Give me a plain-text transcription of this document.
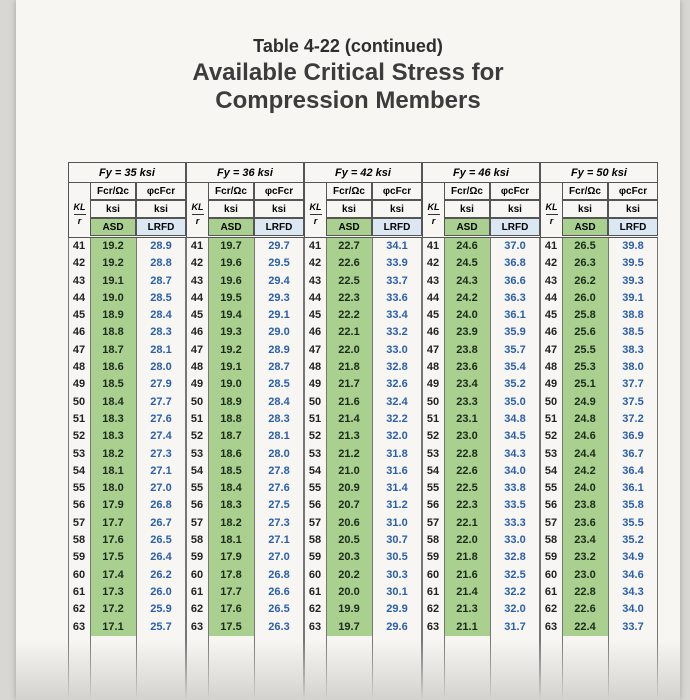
Table 4-22 (continued)
Available Critical Stress for
Compression Members
Fy = 35 ksi
KL
r
Fcr/Ωc	φcFcr
ksi	ksi
ASD	LRFD
41	19.2	28.9
42	19.2	28.8
43	19.1	28.7
44	19.0	28.5
45	18.9	28.4
46	18.8	28.3
47	18.7	28.1
48	18.6	28.0
49	18.5	27.9
50	18.4	27.7
51	18.3	27.6
52	18.3	27.4
53	18.2	27.3
54	18.1	27.1
55	18.0	27.0
56	17.9	26.8
57	17.7	26.7
58	17.6	26.5
59	17.5	26.4
60	17.4	26.2
61	17.3	26.0
62	17.2	25.9
63	17.1	25.7
Fy = 36 ksi
KL
r
Fcr/Ωc	φcFcr
ksi	ksi
ASD	LRFD
41	19.7	29.7
42	19.6	29.5
43	19.6	29.4
44	19.5	29.3
45	19.4	29.1
46	19.3	29.0
47	19.2	28.9
48	19.1	28.7
49	19.0	28.5
50	18.9	28.4
51	18.8	28.3
52	18.7	28.1
53	18.6	28.0
54	18.5	27.8
55	18.4	27.6
56	18.3	27.5
57	18.2	27.3
58	18.1	27.1
59	17.9	27.0
60	17.8	26.8
61	17.7	26.6
62	17.6	26.5
63	17.5	26.3
Fy = 42 ksi
KL
r
Fcr/Ωc	φcFcr
ksi	ksi
ASD	LRFD
41	22.7	34.1
42	22.6	33.9
43	22.5	33.7
44	22.3	33.6
45	22.2	33.4
46	22.1	33.2
47	22.0	33.0
48	21.8	32.8
49	21.7	32.6
50	21.6	32.4
51	21.4	32.2
52	21.3	32.0
53	21.2	31.8
54	21.0	31.6
55	20.9	31.4
56	20.7	31.2
57	20.6	31.0
58	20.5	30.7
59	20.3	30.5
60	20.2	30.3
61	20.0	30.1
62	19.9	29.9
63	19.7	29.6
Fy = 46 ksi
KL
r
Fcr/Ωc	φcFcr
ksi	ksi
ASD	LRFD
41	24.6	37.0
42	24.5	36.8
43	24.3	36.6
44	24.2	36.3
45	24.0	36.1
46	23.9	35.9
47	23.8	35.7
48	23.6	35.4
49	23.4	35.2
50	23.3	35.0
51	23.1	34.8
52	23.0	34.5
53	22.8	34.3
54	22.6	34.0
55	22.5	33.8
56	22.3	33.5
57	22.1	33.3
58	22.0	33.0
59	21.8	32.8
60	21.6	32.5
61	21.4	32.2
62	21.3	32.0
63	21.1	31.7
Fy = 50 ksi
KL
r
Fcr/Ωc	φcFcr
ksi	ksi
ASD	LRFD
41	26.5	39.8
42	26.3	39.5
43	26.2	39.3
44	26.0	39.1
45	25.8	38.8
46	25.6	38.5
47	25.5	38.3
48	25.3	38.0
49	25.1	37.7
50	24.9	37.5
51	24.8	37.2
52	24.6	36.9
53	24.4	36.7
54	24.2	36.4
55	24.0	36.1
56	23.8	35.8
57	23.6	35.5
58	23.4	35.2
59	23.2	34.9
60	23.0	34.6
61	22.8	34.3
62	22.6	34.0
63	22.4	33.7
